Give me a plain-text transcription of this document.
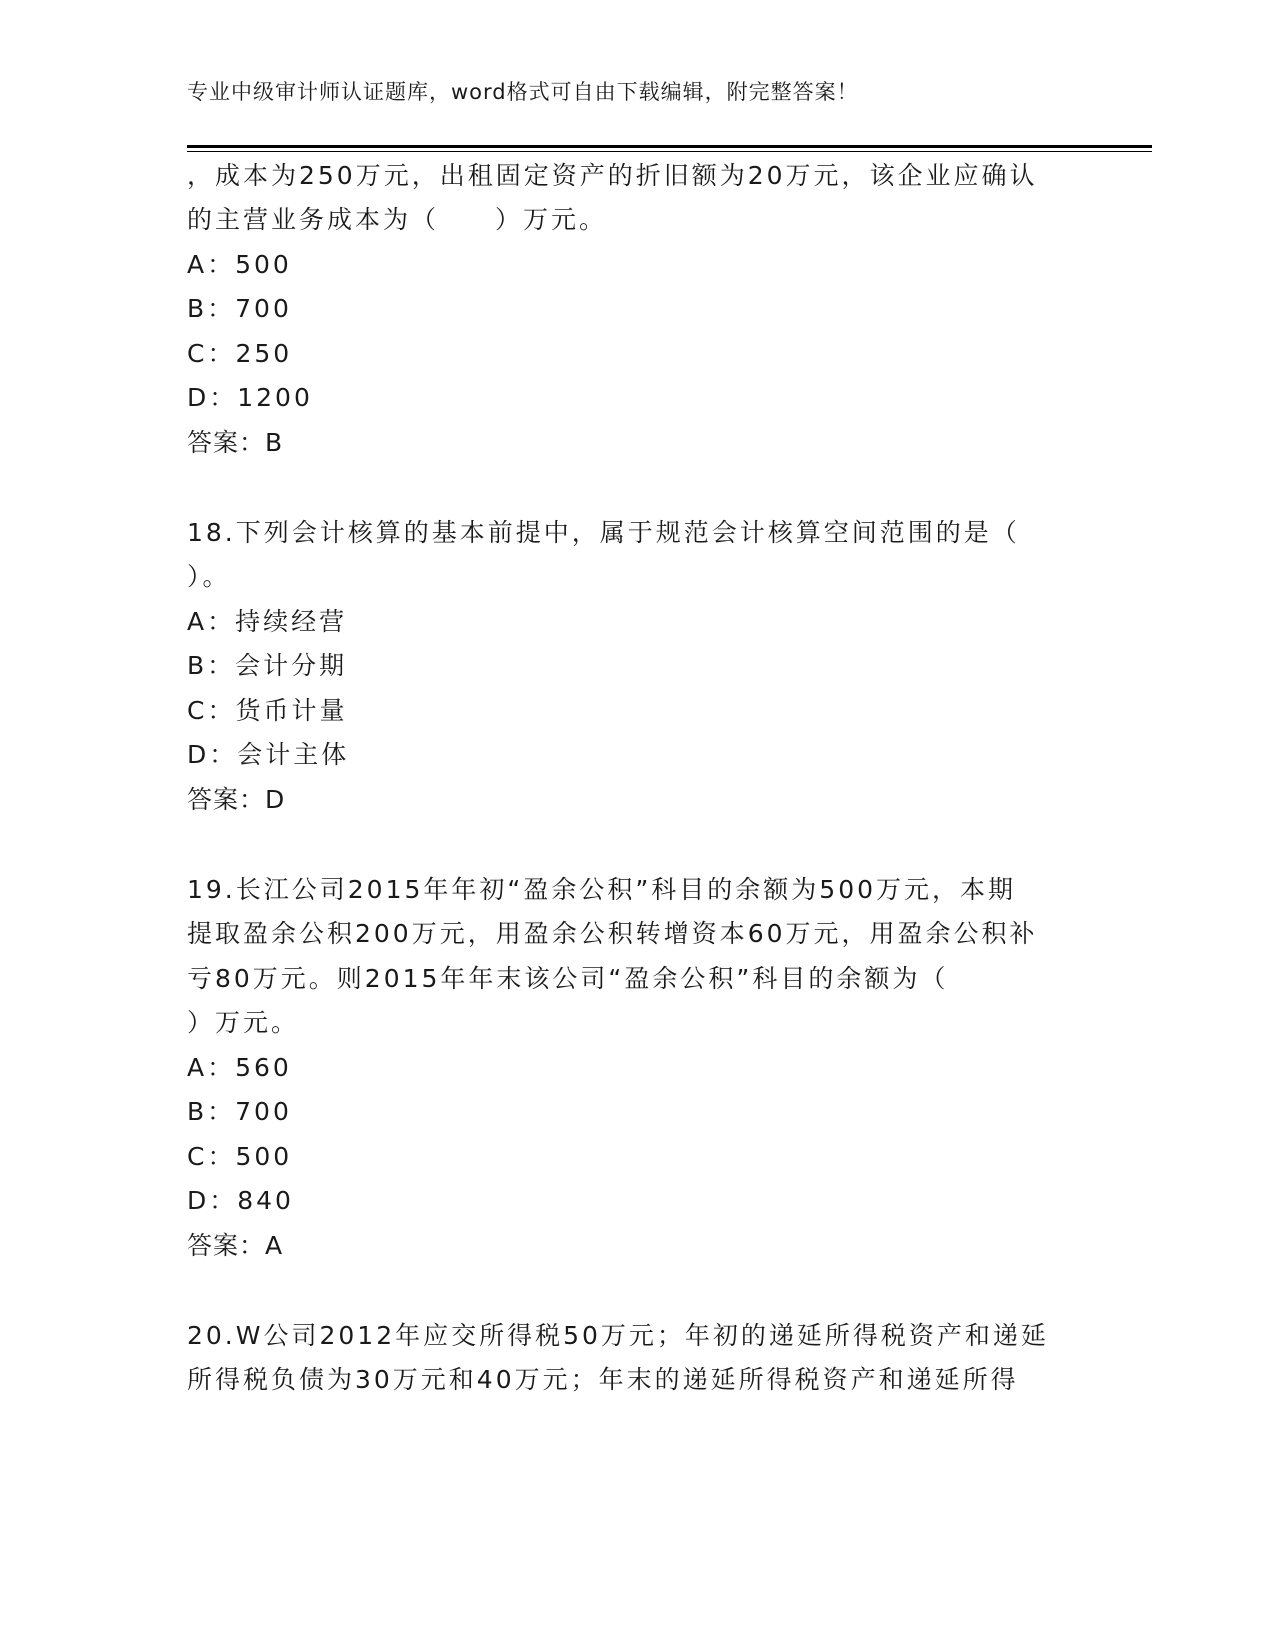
专业中级审计师认证题库，word格式可自由下载编辑，附完整答案！
，成本为250万元，出租固定资产的折旧额为20万元，该企业应确认
的主营业务成本为（　　）万元。
A：500
B：700
C：250
D：1200
答案：B
18.下列会计核算的基本前提中，属于规范会计核算空间范围的是（
）。
A：持续经营
B：会计分期
C：货币计量
D：会计主体
答案：D
19.长江公司2015年年初“盈余公积”科目的余额为500万元，本期
提取盈余公积200万元，用盈余公积转增资本60万元，用盈余公积补
亏80万元。则2015年年末该公司“盈余公积”科目的余额为（
）万元。
A：560
B：700
C：500
D：840
答案：A
20.W公司2012年应交所得税50万元；年初的递延所得税资产和递延
所得税负债为30万元和40万元；年末的递延所得税资产和递延所得
